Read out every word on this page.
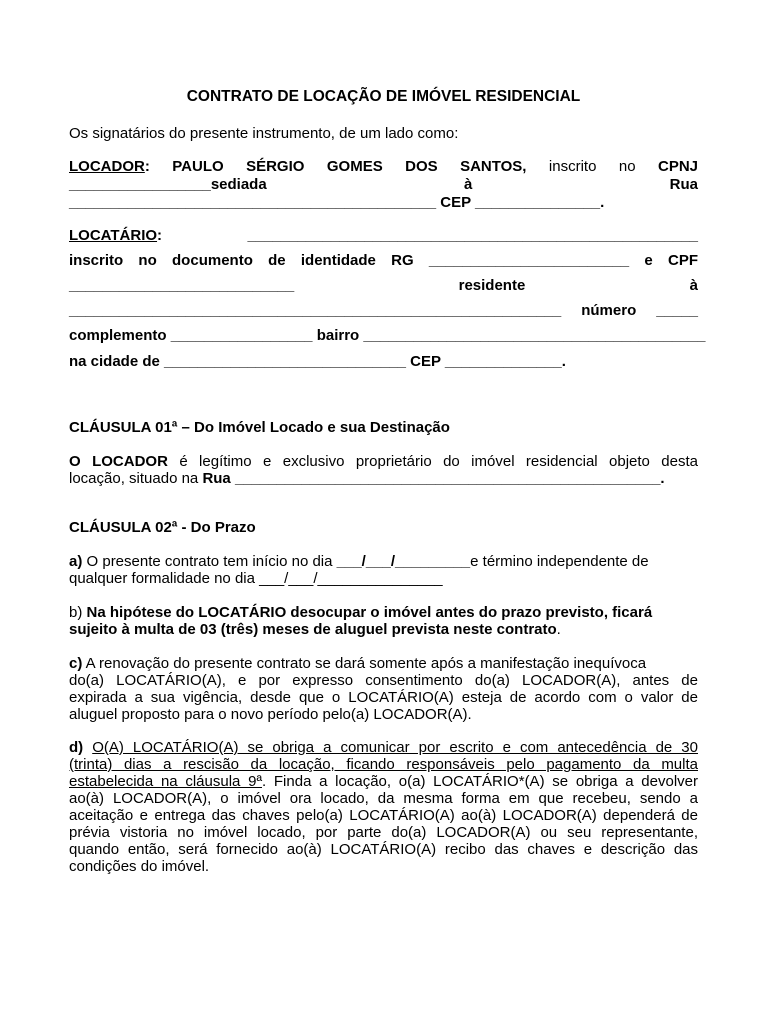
CONTRATO DE LOCAÇÃO DE IMÓVEL RESIDENCIAL
Os signatários do presente instrumento, de um lado como:
LOCADOR: PAULO SÉRGIO GOMES DOS SANTOS, inscrito no CPNJ
_________________sediada	à	Rua
____________________________________________ CEP _______________.
LOCATÁRIO:	______________________________________________________
inscrito no documento de identidade RG ________________________ e CPF
___________________________	residente	à
___________________________________________________________ número _____
complemento _________________ bairro _________________________________________
na cidade de _____________________________ CEP ______________.
CLÁUSULA 01ª – Do Imóvel Locado e sua Destinação
O LOCADOR é legítimo e exclusivo proprietário do imóvel residencial objeto desta
locação, situado na Rua ___________________________________________________.
CLÁUSULA 02ª - Do Prazo
a) O presente contrato tem início no dia ___/___/_________e término independente de
qualquer formalidade no dia ___/___/_______________
b) Na hipótese do LOCATÁRIO desocupar o imóvel antes do prazo previsto, ficará
sujeito à multa de 03 (três) meses de aluguel prevista neste contrato.
c) A renovação do presente contrato se dará somente após a manifestação inequívoca
do(a) LOCATÁRIO(A), e por expresso consentimento do(a) LOCADOR(A), antes de
expirada a sua vigência, desde que o LOCATÁRIO(A) esteja de acordo com o valor de
aluguel proposto para o novo período pelo(a) LOCADOR(A).
d) O(A) LOCATÁRIO(A) se obriga a comunicar por escrito e com antecedência de 30
(trinta) dias a rescisão da locação, ficando responsáveis pelo pagamento da multa
estabelecida na cláusula 9ª. Finda a locação, o(a) LOCATÁRIO*(A) se obriga a devolver
ao(à) LOCADOR(A), o imóvel ora locado, da mesma forma em que recebeu, sendo a
aceitação e entrega das chaves pelo(a) LOCATÁRIO(A) ao(à) LOCADOR(A) dependerá de
prévia vistoria no imóvel locado, por parte do(a) LOCADOR(A) ou seu representante,
quando então, será fornecido ao(à) LOCATÁRIO(A) recibo das chaves e descrição das
condições do imóvel.
